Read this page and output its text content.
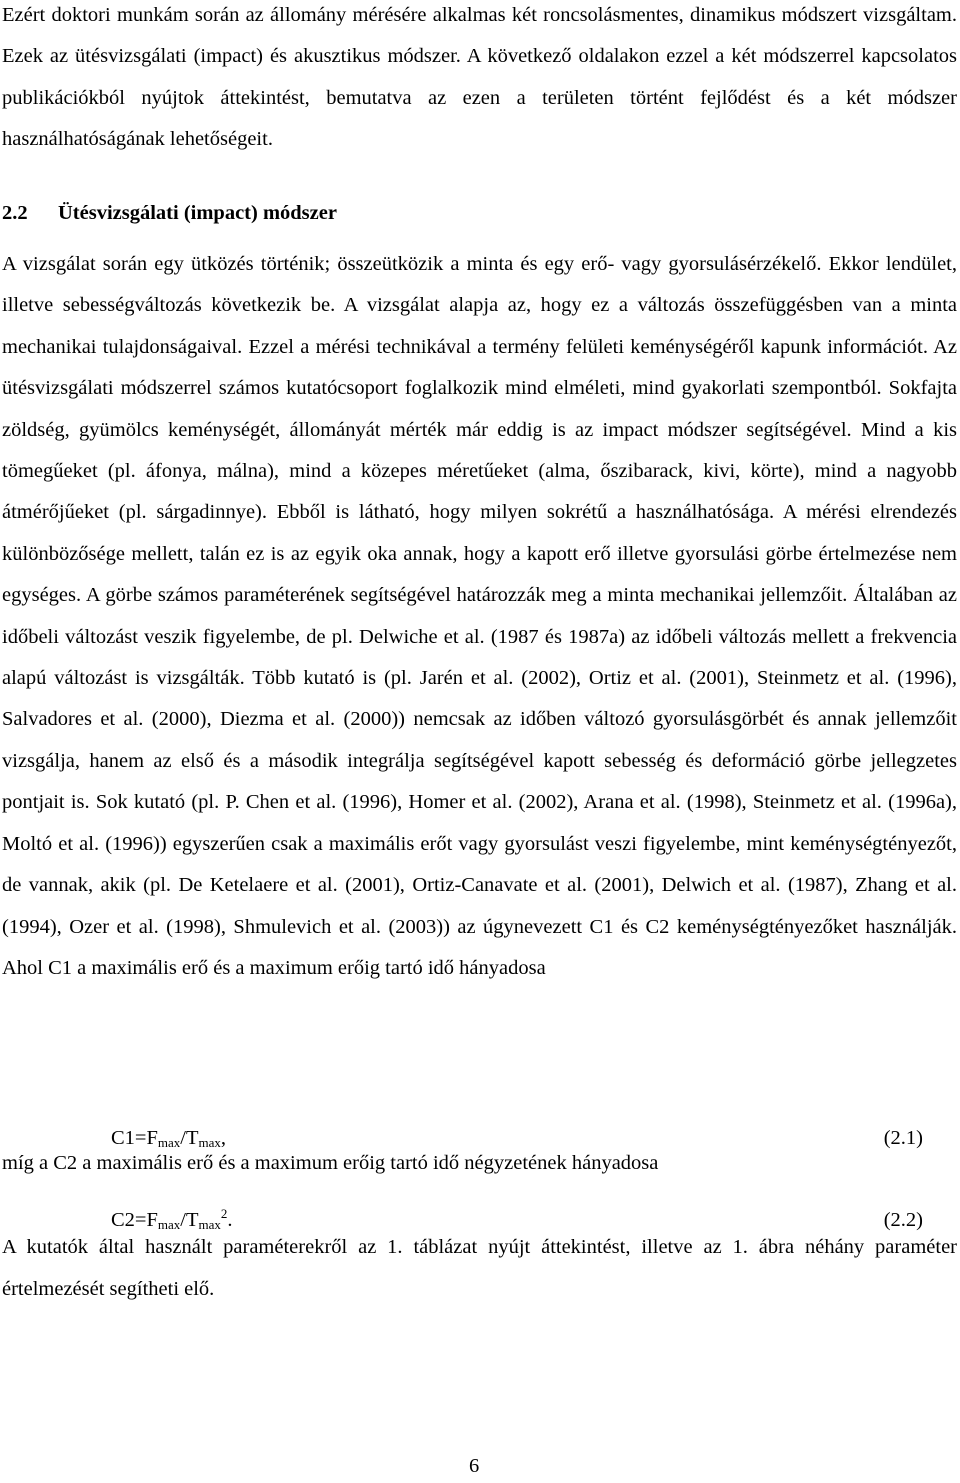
Ezért doktori munkám során az állomány mérésére alkalmas két roncsolásmentes, dinamikus módszert vizsgáltam. Ezek az ütésvizsgálati (impact) és akusztikus módszer. A következő oldalakon ezzel a két módszerrel kapcsolatos publikációkból nyújtok áttekintést, bemutatva az ezen a területen történt fejlődést és a két módszer használhatóságának lehetőségeit.

2.2 Ütésvizsgálati (impact) módszer

A vizsgálat során egy ütközés történik; összeütközik a minta és egy erő- vagy gyorsulásérzékelő. Ekkor lendület, illetve sebességváltozás következik be. A vizsgálat alapja az, hogy ez a változás összefüggésben van a minta mechanikai tulajdonságaival. Ezzel a mérési technikával a termény felületi keménységéről kapunk információt. Az ütésvizsgálati módszerrel számos kutatócsoport foglalkozik mind elméleti, mind gyakorlati szempontból. Sokfajta zöldség, gyümölcs keménységét, állományát mérték már eddig is az impact módszer segítségével. Mind a kis tömegűeket (pl. áfonya, málna), mind a közepes méretűeket (alma, őszibarack, kivi, körte), mind a nagyobb átmérőjűeket (pl. sárgadinnye). Ebből is látható, hogy milyen sokrétű a használhatósága. A mérési elrendezés különbözősége mellett, talán ez is az egyik oka annak, hogy a kapott erő illetve gyorsulási görbe értelmezése nem egységes. A görbe számos paraméterének segítségével határozzák meg a minta mechanikai jellemzőit. Általában az időbeli változást veszik figyelembe, de pl. Delwiche et al. (1987 és 1987a) az időbeli változás mellett a frekvencia alapú változást is vizsgálták. Több kutató is (pl. Jarén et al. (2002), Ortiz et al. (2001), Steinmetz et al. (1996), Salvadores et al. (2000), Diezma et al. (2000)) nemcsak az időben változó gyorsulásgörbét és annak jellemzőit vizsgálja, hanem az első és a második integrálja segítségével kapott sebesség és deformáció görbe jellegzetes pontjait is. Sok kutató (pl. P. Chen et al. (1996), Homer et al. (2002), Arana et al. (1998), Steinmetz et al. (1996a), Moltó et al. (1996)) egyszerűen csak a maximális erőt vagy gyorsulást veszi figyelembe, mint keménységtényezőt, de vannak, akik (pl. De Ketelaere et al. (2001), Ortiz-Canavate et al. (2001), Delwich et al. (1987), Zhang et al. (1994), Ozer et al. (1998), Shmulevich et al. (2003)) az úgynevezett C1 és C2 keménységtényezőket használják. Ahol C1 a maximális erő és a maximum erőig tartó idő hányadosa

$C1=F_{max}/T_{max}$,	(2.1)

míg a C2 a maximális erő és a maximum erőig tartó idő négyzetének hányadosa

$C2=F_{max}/T_{max}^2$.	(2.2)

A kutatók által használt paraméterekről az 1. táblázat nyújt áttekintést, illetve az 1. ábra néhány paraméter értelmezését segítheti elő.

6
